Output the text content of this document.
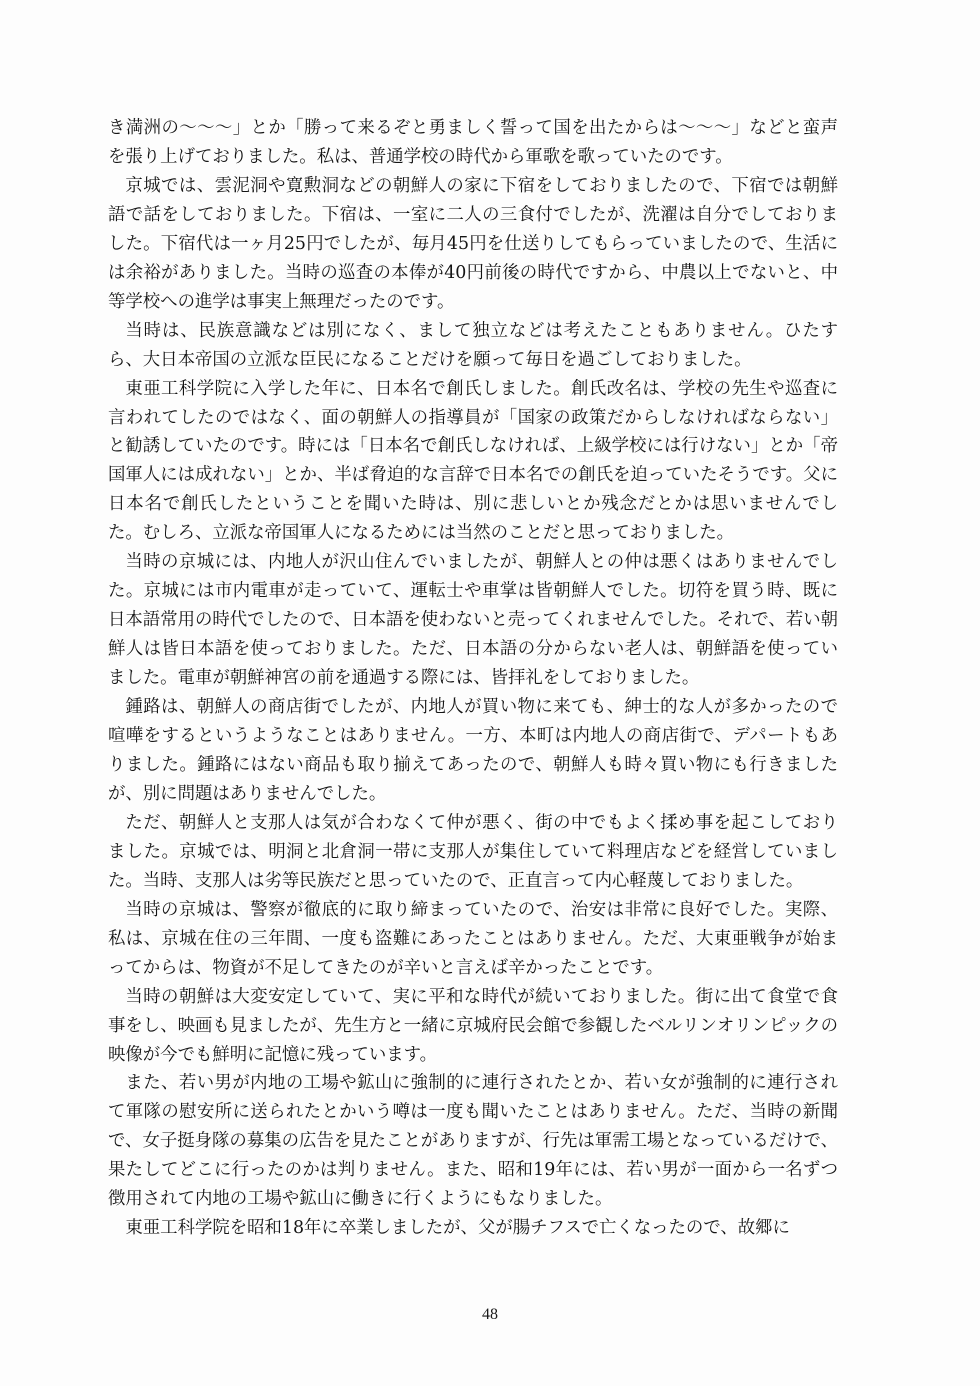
き満洲の〜〜〜」とか「勝って来るぞと勇ましく誓って国を出たからは〜〜〜」などと蛮声を張り上げておりました。私は、普通学校の時代から軍歌を歌っていたのです。

京城では、雲泥洞や寛勲洞などの朝鮮人の家に下宿をしておりましたので、下宿では朝鮮語で話をしておりました。下宿は、一室に二人の三食付でしたが、洗濯は自分でしておりました。下宿代は一ヶ月25円でしたが、毎月45円を仕送りしてもらっていましたので、生活には余裕がありました。当時の巡査の本俸が40円前後の時代ですから、中農以上でないと、中等学校への進学は事実上無理だったのです。

当時は、民族意識などは別になく、まして独立などは考えたこともありません。ひたすら、大日本帝国の立派な臣民になることだけを願って毎日を過ごしておりました。

東亜工科学院に入学した年に、日本名で創氏しました。創氏改名は、学校の先生や巡査に言われてしたのではなく、面の朝鮮人の指導員が「国家の政策だからしなければならない」と勧誘していたのです。時には「日本名で創氏しなければ、上級学校には行けない」とか「帝国軍人には成れない」とか、半ば脅迫的な言辞で日本名での創氏を迫っていたそうです。父に日本名で創氏したということを聞いた時は、別に悲しいとか残念だとかは思いませんでした。むしろ、立派な帝国軍人になるためには当然のことだと思っておりました。

当時の京城には、内地人が沢山住んでいましたが、朝鮮人との仲は悪くはありませんでした。京城には市内電車が走っていて、運転士や車掌は皆朝鮮人でした。切符を買う時、既に日本語常用の時代でしたので、日本語を使わないと売ってくれませんでした。それで、若い朝鮮人は皆日本語を使っておりました。ただ、日本語の分からない老人は、朝鮮語を使っていました。電車が朝鮮神宮の前を通過する際には、皆拝礼をしておりました。

鍾路は、朝鮮人の商店街でしたが、内地人が買い物に来ても、紳士的な人が多かったので喧嘩をするというようなことはありません。一方、本町は内地人の商店街で、デパートもありました。鍾路にはない商品も取り揃えてあったので、朝鮮人も時々買い物にも行きましたが、別に問題はありませんでした。

ただ、朝鮮人と支那人は気が合わなくて仲が悪く、街の中でもよく揉め事を起こしておりました。京城では、明洞と北倉洞一帯に支那人が集住していて料理店などを経営していました。当時、支那人は劣等民族だと思っていたので、正直言って内心軽蔑しておりました。

当時の京城は、警察が徹底的に取り締まっていたので、治安は非常に良好でした。実際、私は、京城在住の三年間、一度も盗難にあったことはありません。ただ、大東亜戦争が始まってからは、物資が不足してきたのが辛いと言えば辛かったことです。

当時の朝鮮は大変安定していて、実に平和な時代が続いておりました。街に出て食堂で食事をし、映画も見ましたが、先生方と一緒に京城府民会館で参観したベルリンオリンピックの映像が今でも鮮明に記憶に残っています。

また、若い男が内地の工場や鉱山に強制的に連行されたとか、若い女が強制的に連行されて軍隊の慰安所に送られたとかいう噂は一度も聞いたことはありません。ただ、当時の新聞で、女子挺身隊の募集の広告を見たことがありますが、行先は軍需工場となっているだけで、果たしてどこに行ったのかは判りません。また、昭和19年には、若い男が一面から一名ずつ徴用されて内地の工場や鉱山に働きに行くようにもなりました。

東亜工科学院を昭和18年に卒業しましたが、父が腸チフスで亡くなったので、故郷に

48
